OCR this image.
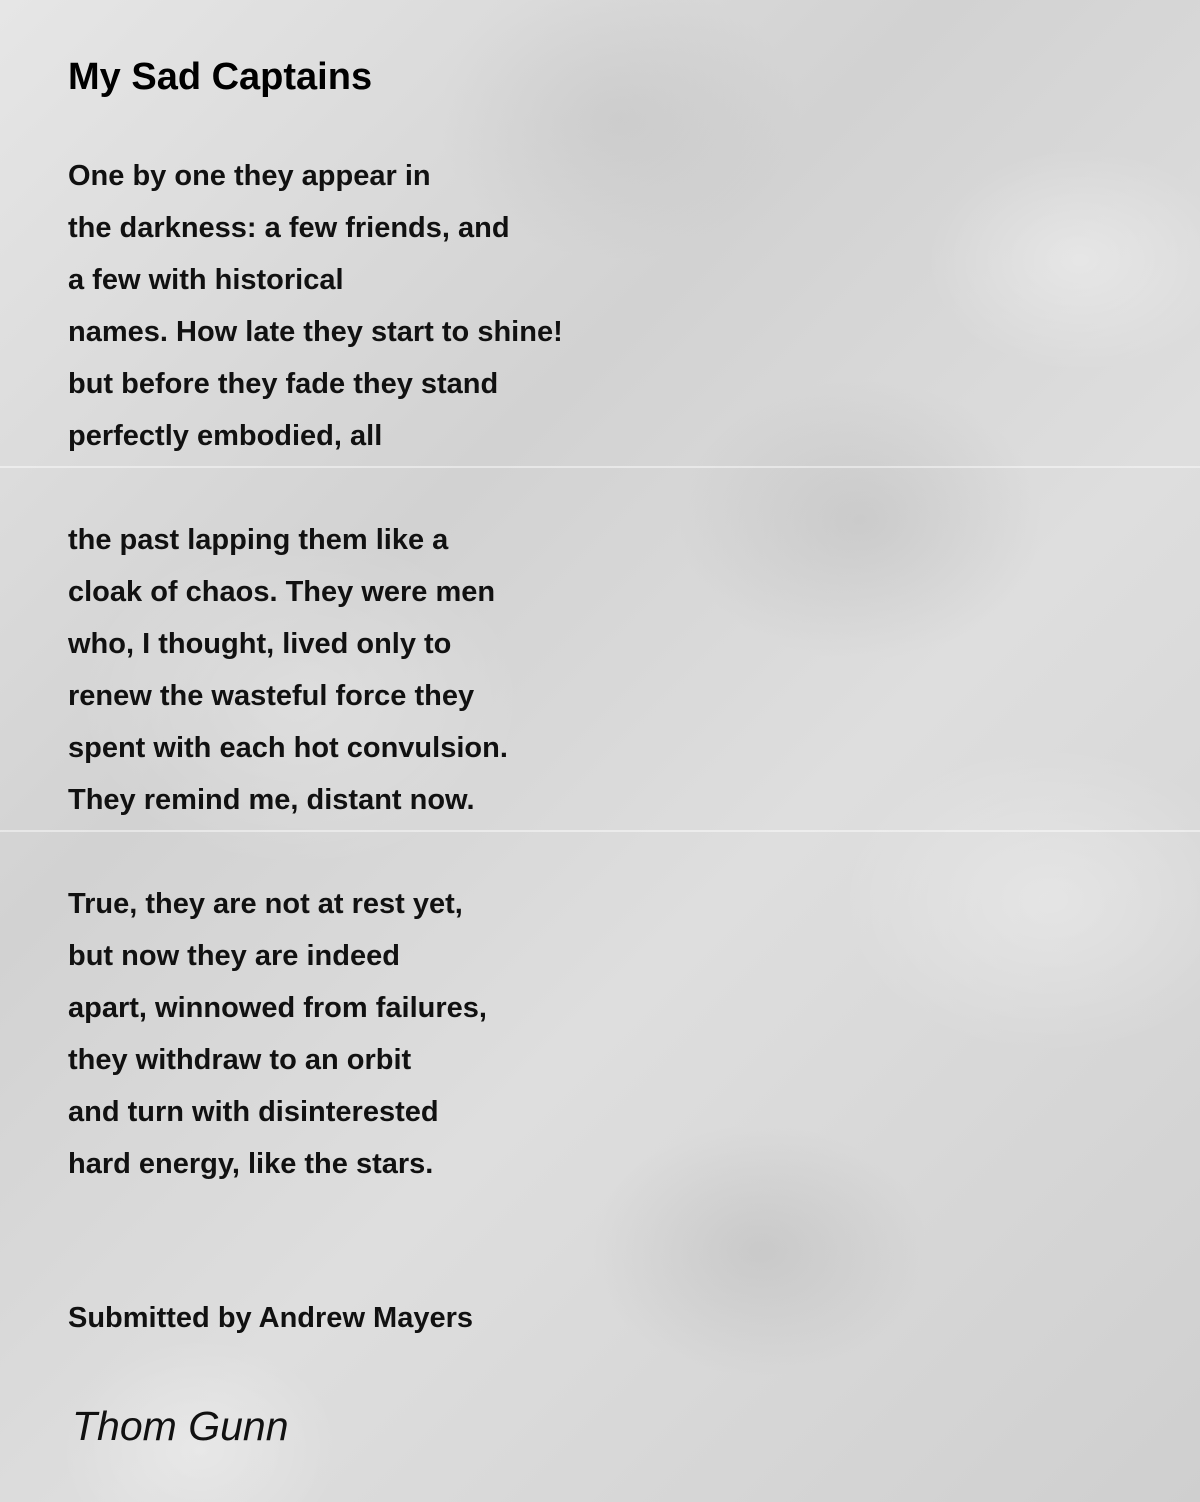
My Sad Captains
One by one they appear in
the darkness: a few friends, and
a few with historical
names. How late they start to shine!
but before they fade they stand
perfectly embodied, all
the past lapping them like a
cloak of chaos. They were men
who, I thought, lived only to
renew the wasteful force they
spent with each hot convulsion.
They remind me, distant now.
True, they are not at rest yet,
but now they are indeed
apart, winnowed from failures,
they withdraw to an orbit
and turn with disinterested
hard energy, like the stars.

Submitted by Andrew Mayers

Thom Gunn
